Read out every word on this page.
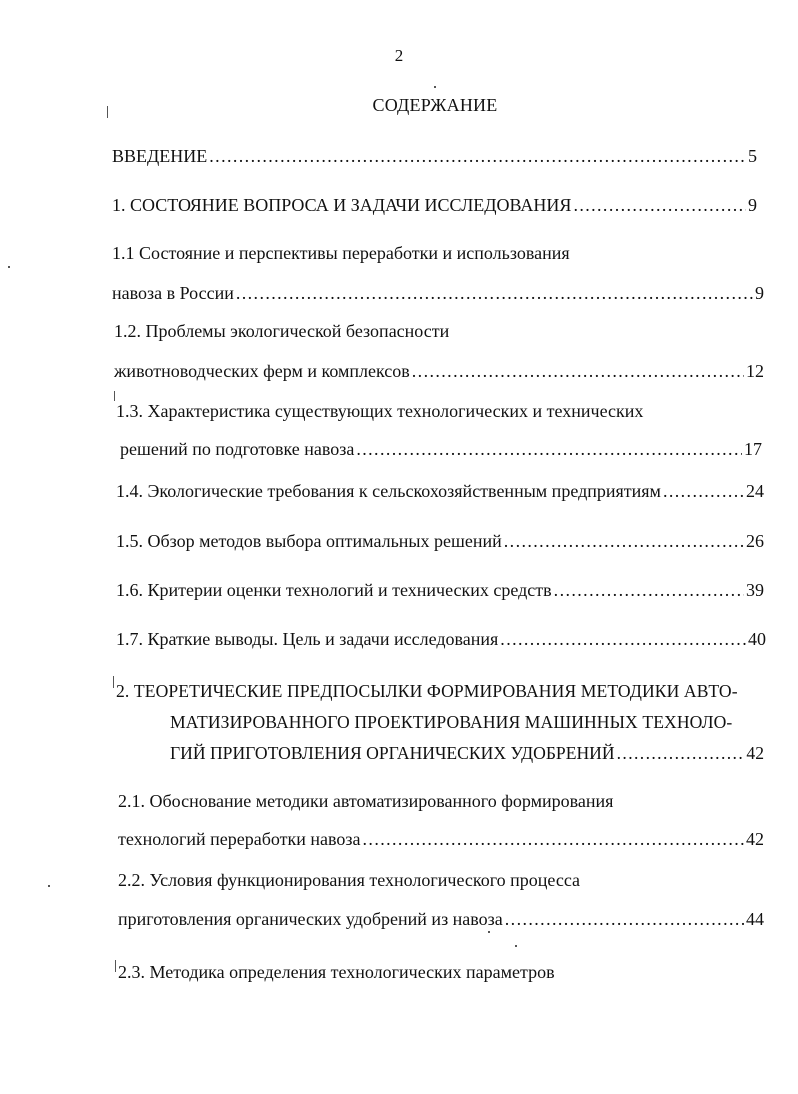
2
СОДЕРЖАНИЕ
ВВЕДЕНИЕ .....	5
1. СОСТОЯНИЕ ВОПРОСА И ЗАДАЧИ ИССЛЕДОВАНИЯ .....	9
1.1 Состояние и перспективы переработки и использования
навоза в России .....	9
1.2. Проблемы экологической безопасности
животноводческих ферм и комплексов .....	12
1.3. Характеристика существующих технологических и технических
решений по подготовке навоза .....	17
1.4. Экологические требования к сельскохозяйственным предприятиям .....	24
1.5. Обзор методов выбора оптимальных решений .....	26
1.6. Критерии оценки технологий и технических средств .....	39
1.7. Краткие выводы. Цель и задачи исследования .....	40
2. ТЕОРЕТИЧЕСКИЕ ПРЕДПОСЫЛКИ ФОРМИРОВАНИЯ МЕТОДИКИ АВТО-
МАТИЗИРОВАННОГО ПРОЕКТИРОВАНИЯ МАШИННЫХ ТЕХНОЛО-
ГИЙ ПРИГОТОВЛЕНИЯ ОРГАНИЧЕСКИХ УДОБРЕНИЙ .....	42
2.1. Обоснование методики автоматизированного формирования
технологий переработки навоза .....	42
2.2. Условия функционирования технологического процесса
приготовления органических удобрений из навоза .....	44
2.3. Методика определения технологических параметров
